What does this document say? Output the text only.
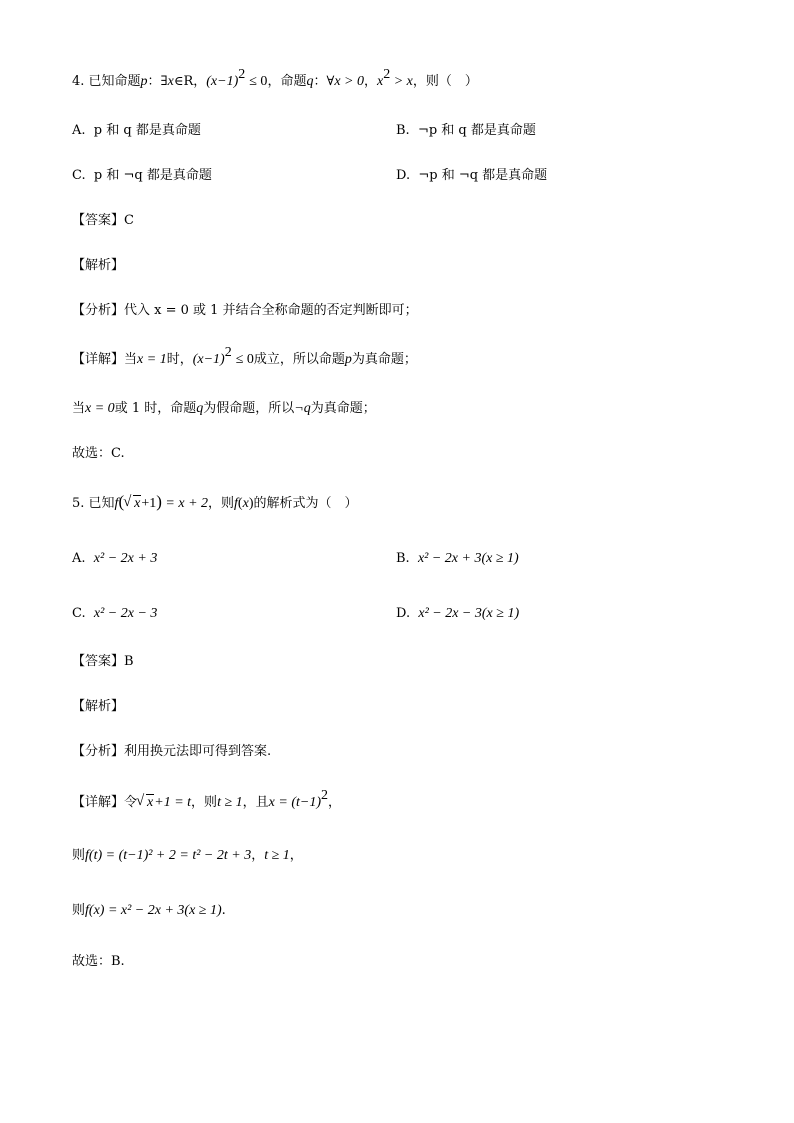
4. 已知命题p：∃x∈R，$(x-1)^2 \le 0$，命题q：∀x > 0，$x^2 > x$，则（　）
A. p 和 q 都是真命题	B. ¬p 和 q 都是真命题
C. p 和 ¬q 都是真命题	D. ¬p 和 ¬q 都是真命题
【答案】C
【解析】
【分析】代入 x = 0 或 1 并结合全称命题的否定判断即可；
【详解】当x = 1时，$(x-1)^2 \le 0$成立，所以命题p为真命题；
当x = 0或 1 时，命题q为假命题，所以¬q为真命题；
故选：C.
5. 已知f( √ x+1) = x + 2，则f(x)的解析式为（　）
A. x² − 2x + 3	B. x² − 2x + 3(x ≥ 1)
C. x² − 2x − 3	D. x² − 2x − 3(x ≥ 1)
【答案】B
【解析】
【分析】利用换元法即可得到答案.
【详解】令 √ x+1 = t，则t ≥ 1，且$x = (t-1)^2$，
则f(t) = (t−1)² + 2 = t² − 2t + 3，t ≥ 1，
则f(x) = x² − 2x + 3(x ≥ 1).
故选：B.
